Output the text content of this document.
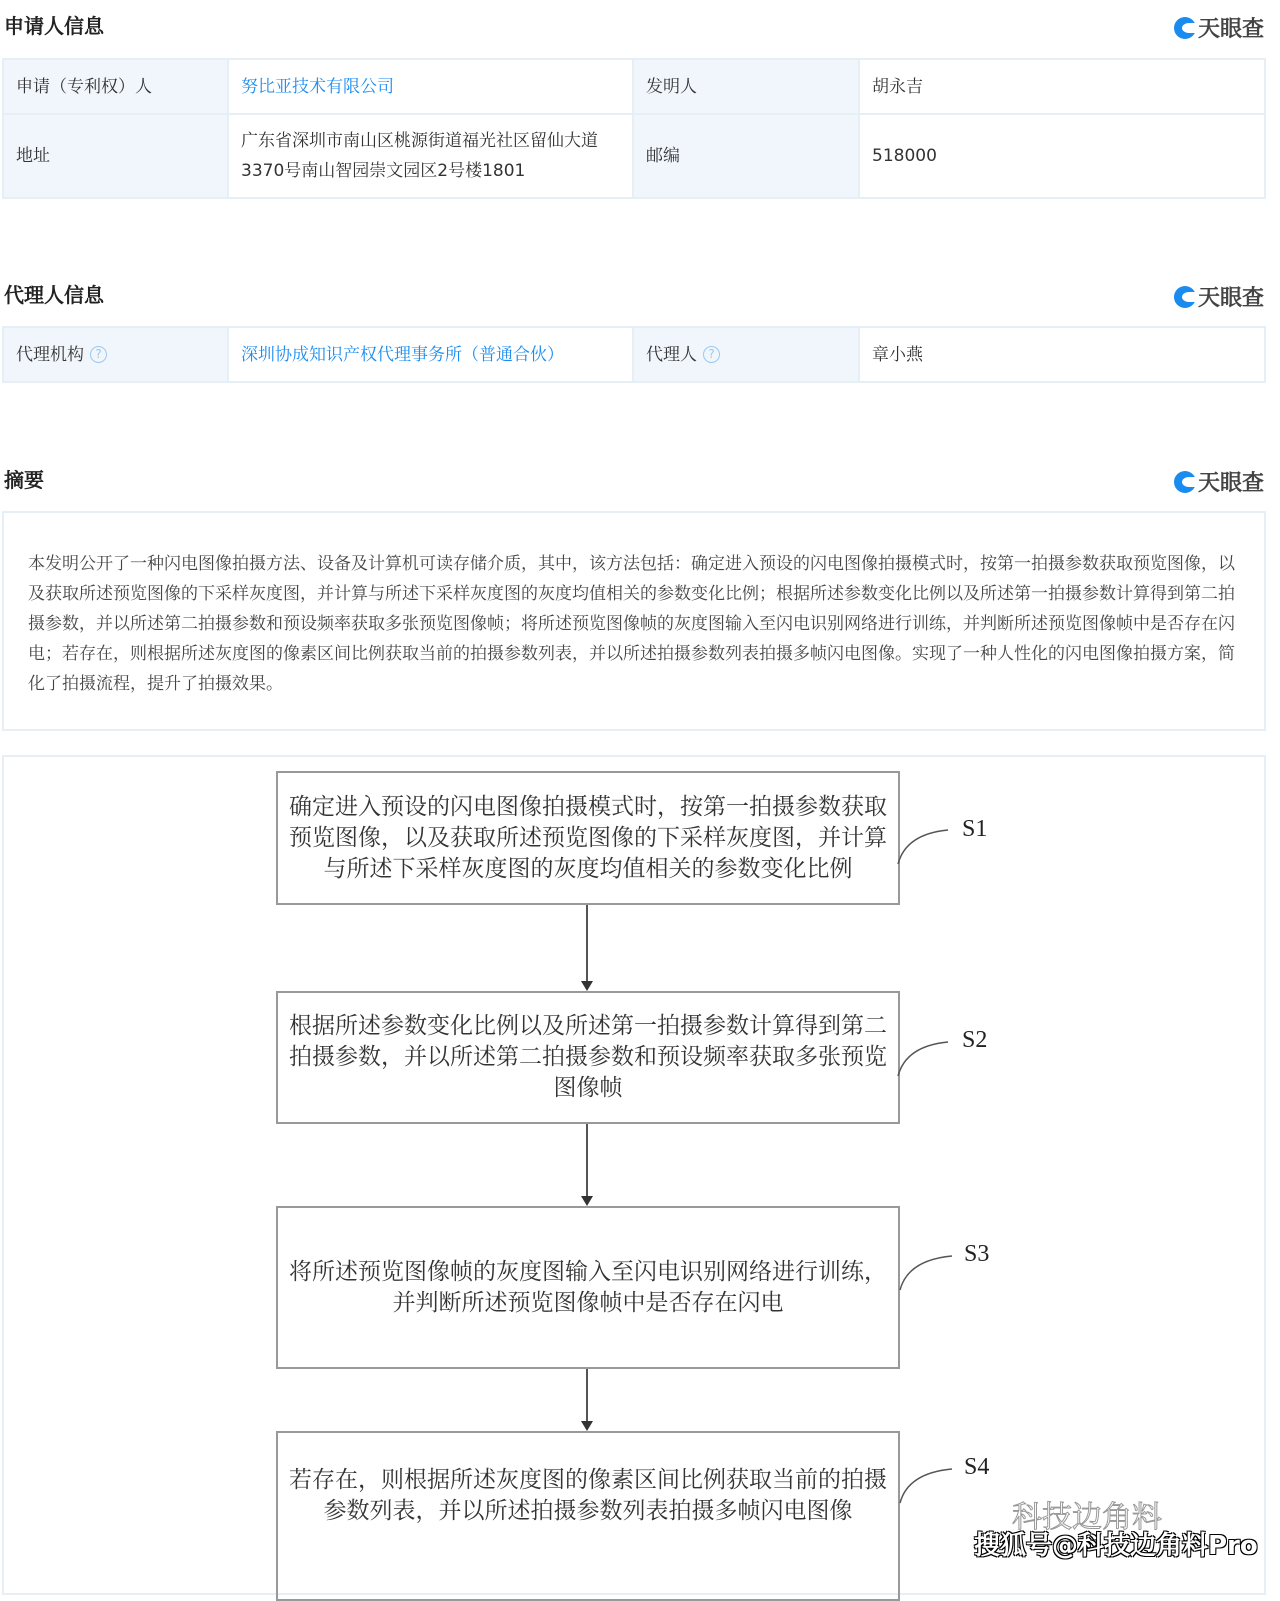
申请人信息	天眼查
申请（专利权）人	努比亚技术有限公司	发明人	胡永吉
地址	广东省深圳市南山区桃源街道福光社区留仙大道3370号南山智园崇文园区2号楼1801	邮编	518000
代理人信息	天眼查
代理机构 ?	深圳协成知识产权代理事务所（普通合伙）	代理人 ?	章小燕
摘要	天眼查
本发明公开了一种闪电图像拍摄方法、设备及计算机可读存储介质，其中，该方法包括：确定进入预设的闪电图像拍摄模式时，按第一拍摄参数获取预览图像，以及获取所述预览图像的下采样灰度图，并计算与所述下采样灰度图的灰度均值相关的参数变化比例；根据所述参数变化比例以及所述第一拍摄参数计算得到第二拍摄参数，并以所述第二拍摄参数和预设频率获取多张预览图像帧；将所述预览图像帧的灰度图输入至闪电识别网络进行训练，并判断所述预览图像帧中是否存在闪电；若存在，则根据所述灰度图的像素区间比例获取当前的拍摄参数列表，并以所述拍摄参数列表拍摄多帧闪电图像。实现了一种人性化的闪电图像拍摄方案，简化了拍摄流程，提升了拍摄效果。
确定进入预设的闪电图像拍摄模式时，按第一拍摄参数获取预览图像，以及获取所述预览图像的下采样灰度图，并计算与所述下采样灰度图的灰度均值相关的参数变化比例
根据所述参数变化比例以及所述第一拍摄参数计算得到第二拍摄参数，并以所述第二拍摄参数和预设频率获取多张预览图像帧
将所述预览图像帧的灰度图输入至闪电识别网络进行训练，并判断所述预览图像帧中是否存在闪电
若存在，则根据所述灰度图的像素区间比例获取当前的拍摄参数列表，并以所述拍摄参数列表拍摄多帧闪电图像
S1
S2
S3
S4
科技边角料
搜狐号@科技边角料Pro
